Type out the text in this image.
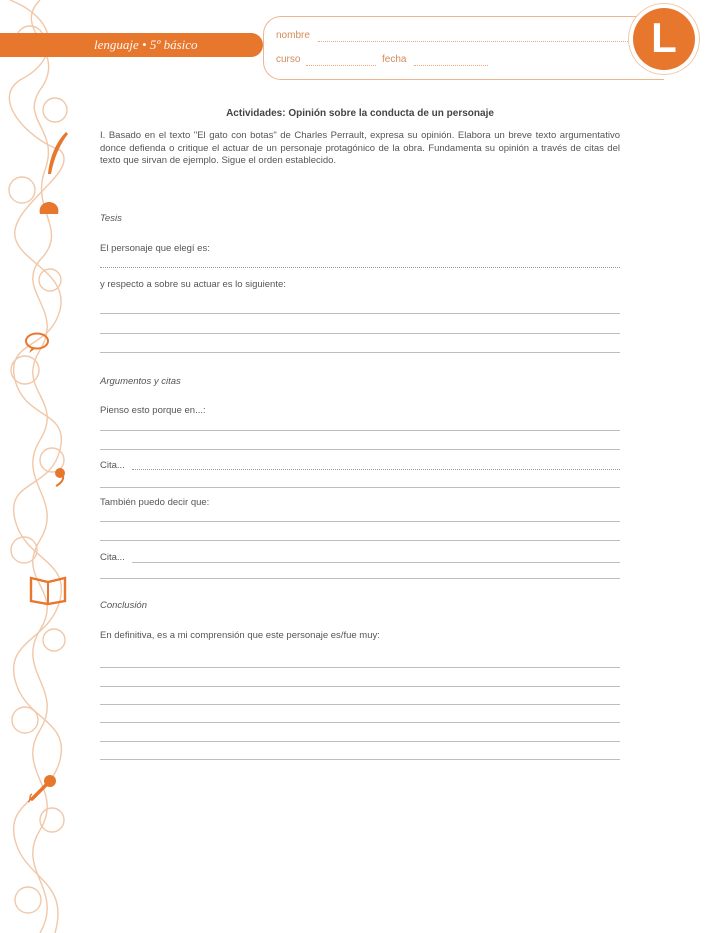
lenguaje • 5º básico
nombre
curso	fecha	L
Actividades: Opinión sobre la conducta de un personaje
I. Basado en el texto "El gato con botas" de Charles Perrault, expresa su opinión. Elabora un breve texto argumentativo donce defienda o critique el actuar de un personaje protagónico de la obra. Fundamenta su opinión a través de citas del texto que sirvan de ejemplo. Sigue el orden establecido.
Tesis
El personaje que elegí es:
y respecto a sobre su actuar es lo siguiente:
Argumentos y citas
Pienso esto porque en...:
Cita...
También puedo decir que:
Cita...
Conclusión
En definitiva, es a mi comprensión que este personaje es/fue muy:
